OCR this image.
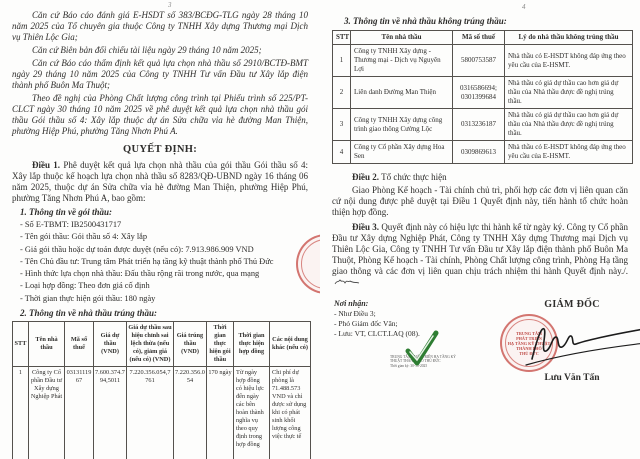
3

Căn cứ Báo cáo đánh giá E-HSDT số 383/BCĐG-TLG ngày 28 tháng 10 năm 2025 của Tổ chuyên gia thuộc Công ty TNHH Xây dựng Thương mại Dịch vụ Thiên Lộc Gia;

Căn cứ Biên bản đối chiếu tài liệu ngày 29 tháng 10 năm 2025;

Căn cứ Báo cáo thẩm định kết quả lựa chọn nhà thầu số 2910/BCTĐ-BMT ngày 29 tháng 10 năm 2025 của Công ty TNHH Tư vấn Đầu tư Xây lắp điện thành phố Buôn Ma Thuột;

Theo đề nghị của Phòng Chất lượng công trình tại Phiếu trình số 225/PT-CLCT ngày 30 tháng 10 năm 2025 về phê duyệt kết quả lựa chọn nhà thầu gói thầu Gói thầu số 4: Xây lắp thuộc dự án Sửa chữa vỉa hè đường Man Thiện, phường Hiệp Phú, phường Tăng Nhơn Phú A.

QUYẾT ĐỊNH:

Điều 1. Phê duyệt kết quả lựa chọn nhà thầu của gói thầu Gói thầu số 4: Xây lắp thuộc kế hoạch lựa chọn nhà thầu số 8283/QĐ-UBND ngày 16 tháng 06 năm 2025, thuộc dự án Sửa chữa vỉa hè đường Man Thiện, phường Hiệp Phú, phường Tăng Nhơn Phú A, bao gồm:

1. Thông tin về gói thầu:
- Số E-TBMT: IB2500431717
- Tên gói thầu: Gói thầu số 4: Xây lắp
- Giá gói thầu hoặc dự toán được duyệt (nếu có): 7.913.986.909 VND
- Tên Chủ đầu tư: Trung tâm Phát triển hạ tầng kỹ thuật thành phố Thủ Đức
- Hình thức lựa chọn nhà thầu: Đấu thầu rộng rãi trong nước, qua mạng
- Loại hợp đồng: Theo đơn giá cố định
- Thời gian thực hiện gói thầu: 180 ngày
2. Thông tin về nhà thầu trúng thầu:
STT	Tên nhà thầu	Mã số thuế	Giá dự thầu (VND)	Giá dự thầu sau hiệu chỉnh sai lệch thừa (nếu có), giảm giá (nếu có) (VND)	Giá trúng thầu (VND)	Thời gian thực hiện gói thầu	Thời gian thực hiện hợp đồng	Các nội dung khác (nếu có)
1	Công ty Cổ phần Đầu tư Xây dựng Nghiệp Phát	0313111967	7.600.374.794,5011	7.220.356.054,7761	7.220.356.054	170 ngày	Từ ngày hợp đồng có hiệu lực đến ngày các bên hoàn thành nghĩa vụ theo quy định trong hợp đồng	Chi phí dự phòng là 71.488.573 VND và chỉ được sử dụng khi có phát sinh khối lượng công việc thực tế
4
3. Thông tin về nhà thầu không trúng thầu:
STT	Tên nhà thầu	Mã số thuế	Lý do nhà thầu không trúng thầu
1	Công ty TNHH Xây dựng - Thương mại - Dịch vụ Nguyên Lợi	5800753587	Nhà thầu có E-HSDT không đáp ứng theo yêu cầu của E-HSMT.
2	Liên danh Đường Man Thiện	0316586694; 0301399684	Nhà thầu có giá dự thầu cao hơn giá dự thầu của Nhà thầu được đề nghị trúng thầu.
3	Công ty TNHH Xây dựng công trình giao thông Cường Lộc	0313236187	Nhà thầu có giá dự thầu cao hơn giá dự thầu của Nhà thầu được đề nghị trúng thầu.
4	Công ty Cổ phần Xây dựng Hoa Sen	0309869613	Nhà thầu có E-HSDT không đáp ứng theo yêu cầu của E-HSMT.

Điều 2. Tổ chức thực hiện

Giao Phòng Kế hoạch - Tài chính chủ trì, phối hợp các đơn vị liên quan căn cứ nội dung được phê duyệt tại Điều 1 Quyết định này, tiến hành tổ chức hoàn thiện hợp đồng.

Điều 3. Quyết định này có hiệu lực thi hành kể từ ngày ký. Công ty Cổ phần Đầu tư Xây dựng Nghiệp Phát, Công ty TNHH Xây dựng Thương mại Dịch vụ Thiên Lộc Gia, Công ty TNHH Tư vấn Đầu tư Xây lắp điện thành phố Buôn Ma Thuột, Phòng Kế hoạch - Tài chính, Phòng Chất lượng công trình, Phòng Hạ tầng giao thông và các đơn vị liên quan chịu trách nhiệm thi hành Quyết định này./.

Nơi nhận:
- Như Điều 3;
- Phó Giám đốc Vân;
- Lưu: VT, CLCT.LAQ (08).
GIÁM ĐỐC
TRUNG TÂM
PHÁT TRIỂN
HẠ TẦNG KỸ THUẬT
THÀNH PHỐ
THỦ ĐỨC
Lưu Văn Tấn
TRUNG TÂM PHÁT TRIỂN HẠ TẦNG KỸ
THUẬT THÀNH PHỐ THỦ ĐỨC
Thời gian ký: 30-10-2025
